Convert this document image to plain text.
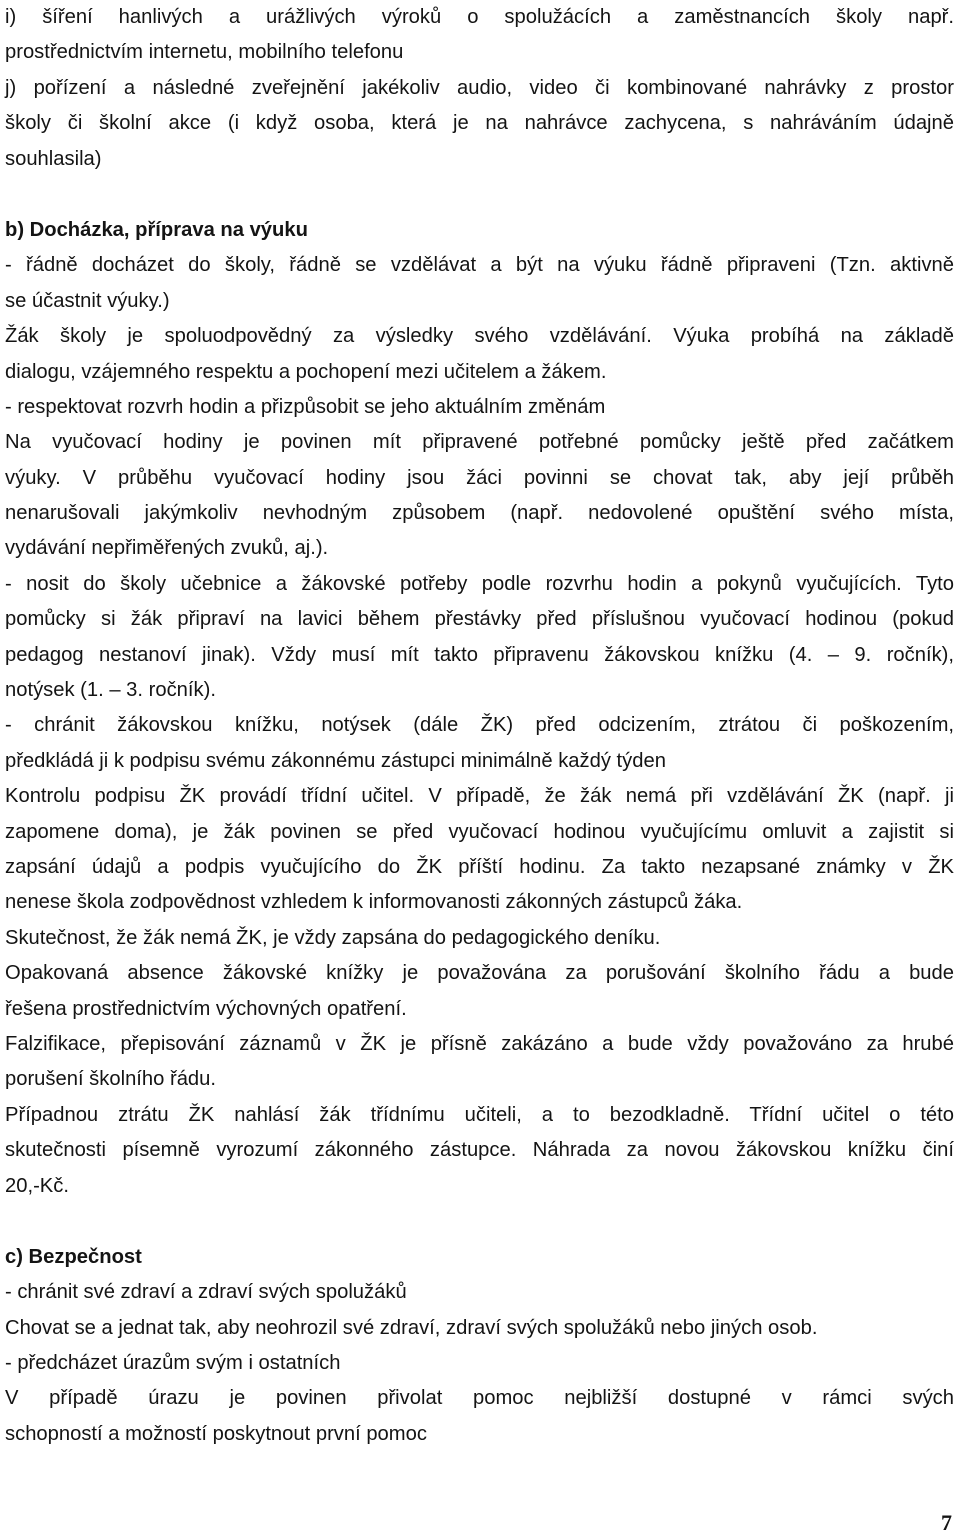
i) šíření hanlivých a urážlivých výroků o spolužácích a zaměstnancích školy např.
prostřednictvím internetu, mobilního telefonu
j) pořízení a následné zveřejnění jakékoliv audio, video či kombinované nahrávky z prostor
školy či školní akce (i když osoba, která je na nahrávce zachycena, s nahráváním údajně
souhlasila)
b) Docházka, příprava na výuku
- řádně docházet do školy, řádně se vzdělávat a být na výuku řádně připraveni (Tzn. aktivně
se účastnit výuky.)
Žák školy je spoluodpovědný za výsledky svého vzdělávání. Výuka probíhá na základě
dialogu, vzájemného respektu a pochopení mezi učitelem a žákem.
- respektovat rozvrh hodin a přizpůsobit se jeho aktuálním změnám
Na vyučovací hodiny je povinen mít připravené potřebné pomůcky ještě před začátkem
výuky. V průběhu vyučovací hodiny jsou žáci povinni se chovat tak, aby její průběh
nenarušovali jakýmkoliv nevhodným způsobem (např. nedovolené opuštění svého místa,
vydávání nepřiměřených zvuků, aj.).
- nosit do školy učebnice a žákovské potřeby podle rozvrhu hodin a pokynů vyučujících. Tyto
pomůcky si žák připraví na lavici během přestávky před příslušnou vyučovací hodinou (pokud
pedagog nestanoví jinak). Vždy musí mít takto připravenu žákovskou knížku (4. – 9. ročník),
notýsek (1. – 3. ročník).
- chránit žákovskou knížku, notýsek (dále ŽK) před odcizením, ztrátou či poškozením,
předkládá ji k podpisu svému zákonnému zástupci minimálně každý týden
Kontrolu podpisu ŽK provádí třídní učitel. V případě, že žák nemá při vzdělávání ŽK (např. ji
zapomene doma), je žák povinen se před vyučovací hodinou vyučujícímu omluvit a zajistit si
zapsání údajů a podpis vyučujícího do ŽK příští hodinu. Za takto nezapsané známky v ŽK
nenese škola zodpovědnost vzhledem k informovanosti zákonných zástupců žáka.
Skutečnost, že žák nemá ŽK, je vždy zapsána do pedagogického deníku.
Opakovaná absence žákovské knížky je považována za porušování školního řádu a bude
řešena prostřednictvím výchovných opatření.
Falzifikace, přepisování záznamů v ŽK je přísně zakázáno a bude vždy považováno za hrubé
porušení školního řádu.
Případnou ztrátu ŽK nahlásí žák třídnímu učiteli, a to bezodkladně. Třídní učitel o této
skutečnosti písemně vyrozumí zákonného zástupce. Náhrada za novou žákovskou knížku činí
20,-Kč.
c) Bezpečnost
- chránit své zdraví a zdraví svých spolužáků
Chovat se a jednat tak, aby neohrozil své zdraví, zdraví svých spolužáků nebo jiných osob.
- předcházet úrazům svým i ostatních
V případě úrazu je povinen přivolat pomoc nejbližší dostupné v rámci svých
schopností a možností poskytnout první pomoc
7
